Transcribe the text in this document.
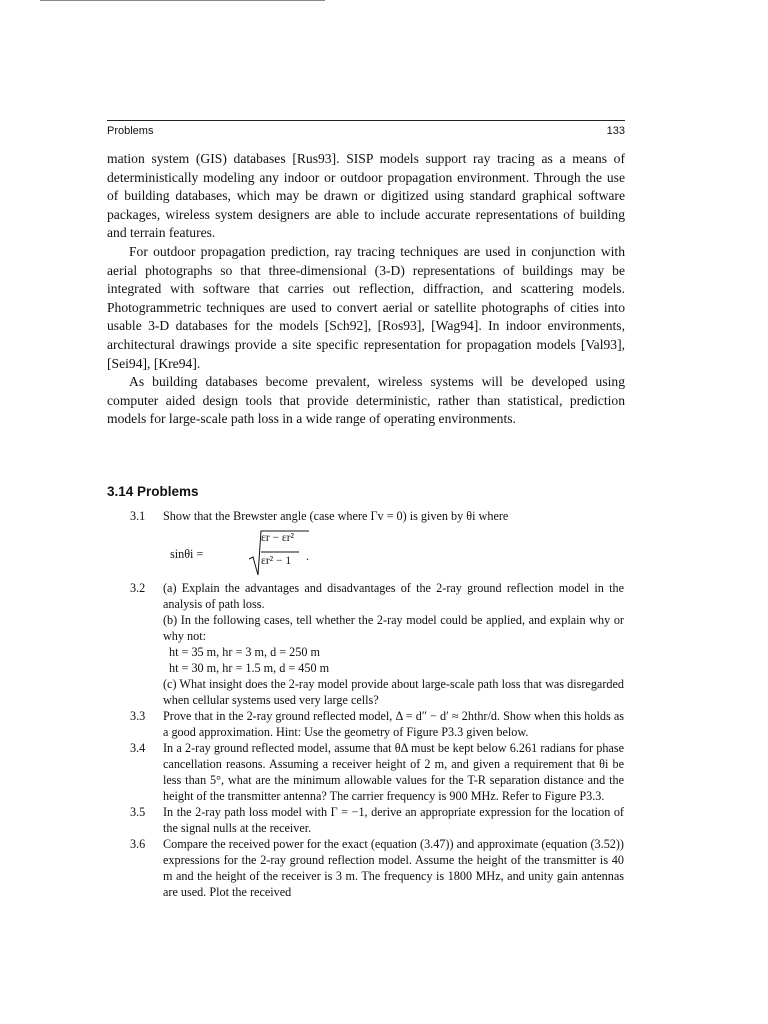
Problems	133

mation system (GIS) databases [Rus93]. SISP models support ray tracing as a means of deterministically modeling any indoor or outdoor propagation environment. Through the use of building databases, which may be drawn or digitized using standard graphical software packages, wireless system designers are able to include accurate representations of building and terrain features.

For outdoor propagation prediction, ray tracing techniques are used in conjunction with aerial photographs so that three-dimensional (3-D) representations of buildings may be integrated with software that carries out reflection, diffraction, and scattering models. Photogrammetric techniques are used to convert aerial or satellite photographs of cities into usable 3-D databases for the models [Sch92], [Ros93], [Wag94]. In indoor environments, architectural drawings provide a site specific representation for propagation models [Val93], [Sei94], [Kre94].

As building databases become prevalent, wireless systems will be developed using computer aided design tools that provide deterministic, rather than statistical, prediction models for large-scale path loss in a wide range of operating environments.

3.14 Problems
3.1 Show that the Brewster angle (case where Γv = 0) is given by θi where

sinθi =
εr − εr²
εr² − 1 .
3.2 (a) Explain the advantages and disadvantages of the 2-ray ground reflection model in the analysis of path loss.

(b) In the following cases, tell whether the 2-ray model could be applied, and explain why or why not:

ht = 35 m, hr = 3 m, d = 250 m

ht = 30 m, hr = 1.5 m, d = 450 m

(c) What insight does the 2-ray model provide about large-scale path loss that was disregarded when cellular systems used very large cells?

3.3 Prove that in the 2-ray ground reflected model, Δ = d″ − d′ ≈ 2hthr/d. Show when this holds as a good approximation. Hint: Use the geometry of Figure P3.3 given below.

3.4 In a 2-ray ground reflected model, assume that θΔ must be kept below 6.261 radians for phase cancellation reasons. Assuming a receiver height of 2 m, and given a requirement that θi be less than 5°, what are the minimum allowable values for the T-R separation distance and the height of the transmitter antenna? The carrier frequency is 900 MHz. Refer to Figure P3.3.

3.5 In the 2-ray path loss model with Γ = −1, derive an appropriate expression for the location of the signal nulls at the receiver.

3.6 Compare the received power for the exact (equation (3.47)) and approximate (equation (3.52)) expressions for the 2-ray ground reflection model. Assume the height of the transmitter is 40 m and the height of the receiver is 3 m. The frequency is 1800 MHz, and unity gain antennas are used. Plot the received
